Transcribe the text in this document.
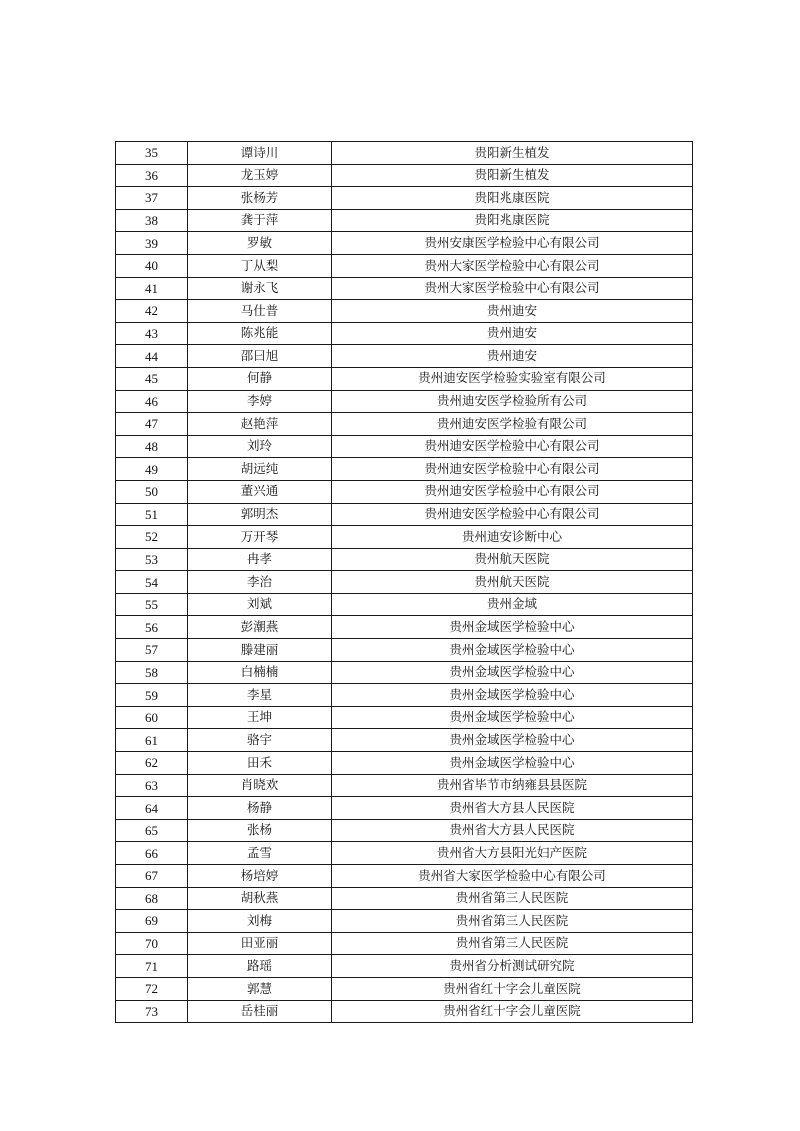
35	谭诗川	贵阳新生植发
36	龙玉婷	贵阳新生植发
37	张杨芳	贵阳兆康医院
38	龚于萍	贵阳兆康医院
39	罗敏	贵州安康医学检验中心有限公司
40	丁从梨	贵州大家医学检验中心有限公司
41	谢永飞	贵州大家医学检验中心有限公司
42	马仕普	贵州迪安
43	陈兆能	贵州迪安
44	邵曰旭	贵州迪安
45	何静	贵州迪安医学检验实验室有限公司
46	李婷	贵州迪安医学检验所有公司
47	赵艳萍	贵州迪安医学检验有限公司
48	刘玲	贵州迪安医学检验中心有限公司
49	胡远纯	贵州迪安医学检验中心有限公司
50	董兴通	贵州迪安医学检验中心有限公司
51	郭明杰	贵州迪安医学检验中心有限公司
52	万开琴	贵州迪安诊断中心
53	冉孝	贵州航天医院
54	李治	贵州航天医院
55	刘斌	贵州金域
56	彭潮燕	贵州金域医学检验中心
57	滕建丽	贵州金域医学检验中心
58	白楠楠	贵州金域医学检验中心
59	李星	贵州金域医学检验中心
60	王坤	贵州金域医学检验中心
61	骆宇	贵州金域医学检验中心
62	田禾	贵州金域医学检验中心
63	肖晓欢	贵州省毕节市纳雍县县医院
64	杨静	贵州省大方县人民医院
65	张杨	贵州省大方县人民医院
66	孟雪	贵州省大方县阳光妇产医院
67	杨培婷	贵州省大家医学检验中心有限公司
68	胡秋燕	贵州省第三人民医院
69	刘梅	贵州省第三人民医院
70	田亚丽	贵州省第三人民医院
71	路瑶	贵州省分析测试研究院
72	郭慧	贵州省红十字会儿童医院
73	岳桂丽	贵州省红十字会儿童医院
